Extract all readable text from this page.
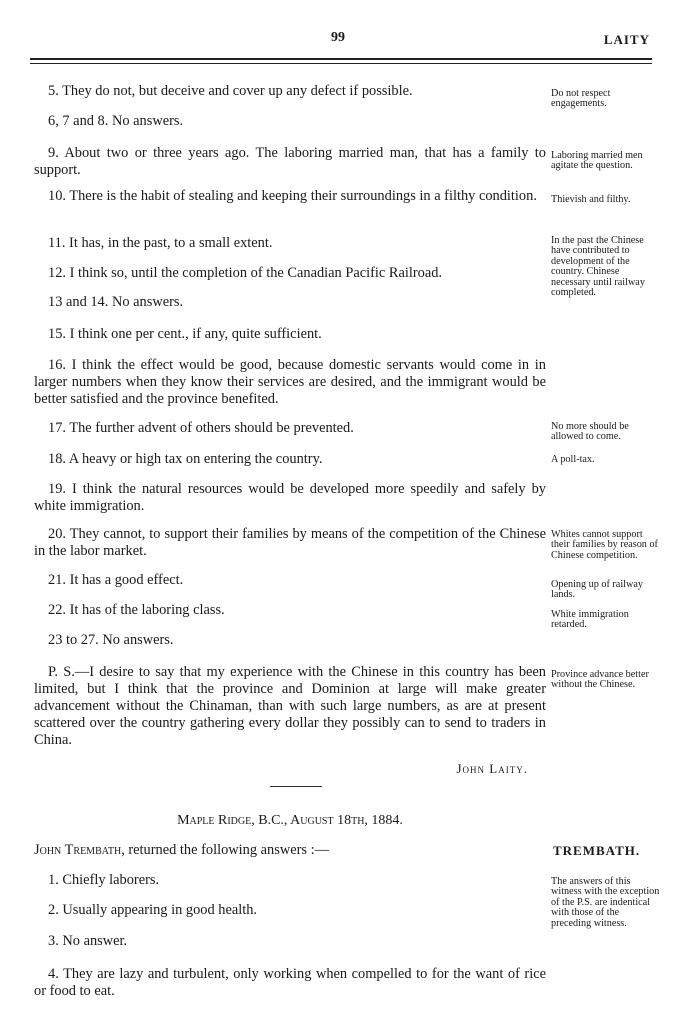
99	LAITY
5. They do not, but deceive and cover up any defect if possible.
6, 7 and 8. No answers.
9. About two or three years ago. The laboring married man, that has a family to support.
10. There is the habit of stealing and keeping their surroundings in a filthy condition.
11. It has, in the past, to a small extent.
12. I think so, until the completion of the Canadian Pacific Railroad.
13 and 14. No answers.
15. I think one per cent., if any, quite sufficient.
16. I think the effect would be good, because domestic servants would come in in larger numbers when they know their services are desired, and the immigrant would be better satisfied and the province benefited.
17. The further advent of others should be prevented.
18. A heavy or high tax on entering the country.
19. I think the natural resources would be developed more speedily and safely by white immigration.
20. They cannot, to support their families by means of the competition of the Chinese in the labor market.
21. It has a good effect.
22. It has of the laboring class.
23 to 27. No answers.
P. S.—I desire to say that my experience with the Chinese in this country has been limited, but I think that the province and Dominion at large will make greater advancement without the Chinaman, than with such large numbers, as are at present scattered over the country gathering every dollar they possibly can to send to traders in China.
John Laity.
Maple Ridge, B.C., August 18th, 1884.
John Trembath, returned the following answers :—	TREMBATH.
1. Chiefly laborers.
2. Usually appearing in good health.
3. No answer.
4. They are lazy and turbulent, only working when compelled to for the want of rice or food to eat.
Do not respect engagements.
Laboring married men agitate the question.
Thievish and filthy.
In the past the Chinese have contributed to development of the country. Chinese necessary until railway completed.
No more should be allowed to come.
A poll-tax.
Whites cannot support their families by reason of Chinese competition.
Opening up of railway lands.
White immigration retarded.
Province advance better without the Chinese.
The answers of this witness with the exception of the P.S. are indentical with those of the preceding witness.
